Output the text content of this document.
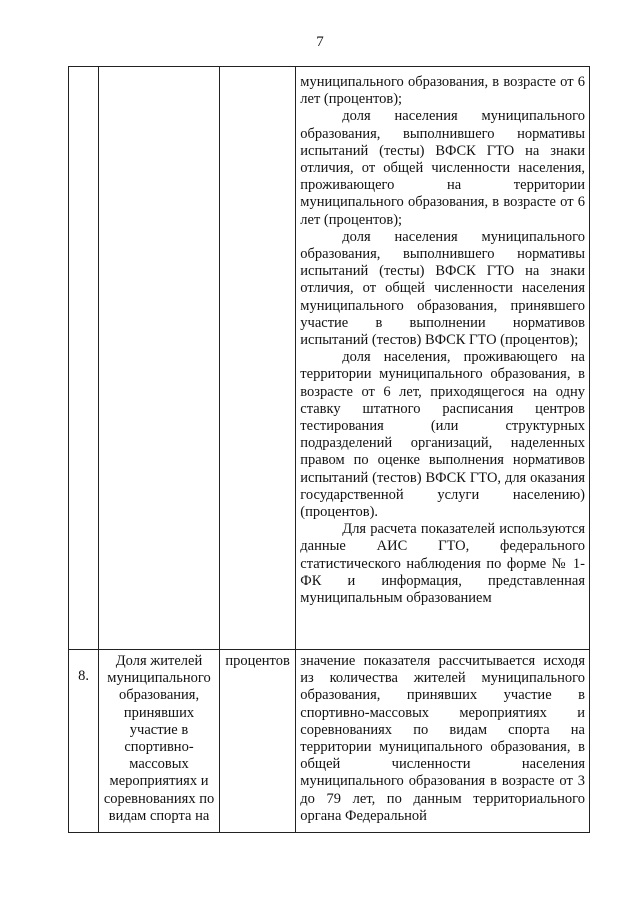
7

			муниципального образования, в возрасте от 6 лет (процентов);

доля населения муниципального образования, выполнившего нормативы испытаний (тесты) ВФСК ГТО на знаки отличия, от общей численности населения, проживающего на территории муниципального образования, в возрасте от 6 лет (процентов);

доля населения муниципального образования, выполнившего нормативы испытаний (тесты) ВФСК ГТО на знаки отличия, от общей численности населения муниципального образования, принявшего участие в выполнении нормативов испытаний (тестов) ВФСК ГТО (процентов);

доля населения, проживающего на территории муниципального образования, в возрасте от 6 лет, приходящегося на одну ставку штатного расписания центров тестирования (или структурных подразделений организаций, наделенных правом по оценке выполнения нормативов испытаний (тестов) ВФСК ГТО, для оказания государственной услуги населению) (процентов).

Для расчета показателей используются данные АИС ГТО, федерального статистического наблюдения по форме № 1-ФК и информация, представленная муниципальным образованием

8.	Доля жителей муниципального образования, принявших участие в спортивно-массовых мероприятиях и соревнованиях по видам спорта на	процентов	значение показателя рассчитывается исходя из количества жителей муниципального образования, принявших участие в спортивно-массовых мероприятиях и соревнованиях по видам спорта на территории муниципального образования, в общей численности населения муниципального образования в возрасте от 3 до 79 лет, по данным территориального органа Федеральной
